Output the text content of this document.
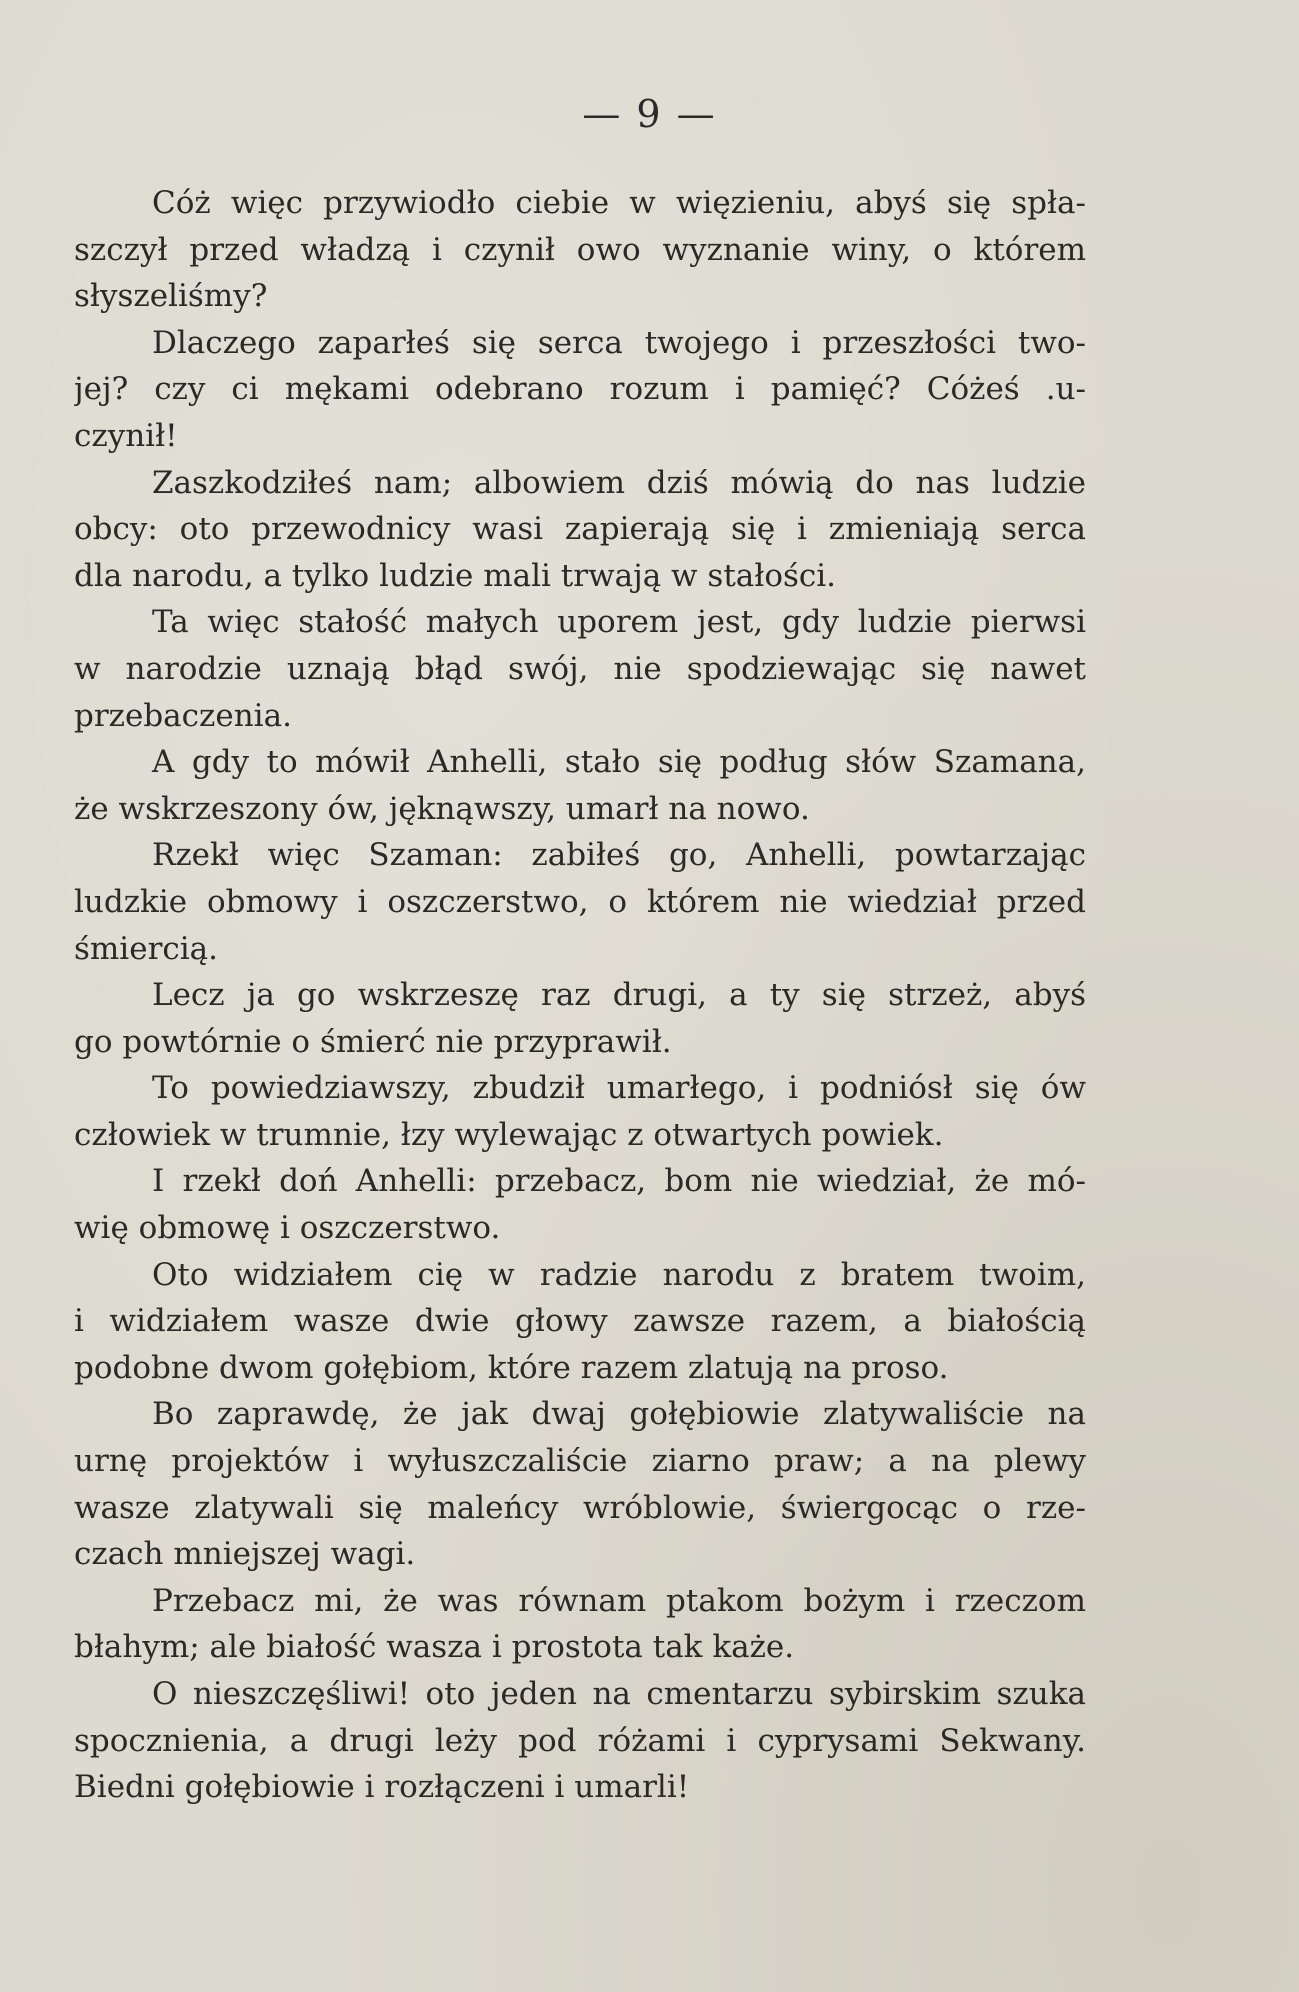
— 9 —
Cóż więc przywiodło ciebie w więzieniu, abyś się spła-
szczył przed władzą i czynił owo wyznanie winy, o którem
słyszeliśmy?
Dlaczego zaparłeś się serca twojego i przeszłości two-
jej? czy ci mękami odebrano rozum i pamięć? Cóżeś .u-
czynił!
Zaszkodziłeś nam; albowiem dziś mówią do nas ludzie
obcy: oto przewodnicy wasi zapierają się i zmieniają serca
dla narodu, a tylko ludzie mali trwają w stałości.
Ta więc stałość małych uporem jest, gdy ludzie pierwsi
w narodzie uznają błąd swój, nie spodziewając się nawet
przebaczenia.
A gdy to mówił Anhelli, stało się podług słów Szamana,
że wskrzeszony ów, jęknąwszy, umarł na nowo.
Rzekł więc Szaman: zabiłeś go, Anhelli, powtarzając
ludzkie obmowy i oszczerstwo, o którem nie wiedział przed
śmiercią.
Lecz ja go wskrzeszę raz drugi, a ty się strzeż, abyś
go powtórnie o śmierć nie przyprawił.
To powiedziawszy, zbudził umarłego, i podniósł się ów
człowiek w trumnie, łzy wylewając z otwartych powiek.
I rzekł doń Anhelli: przebacz, bom nie wiedział, że mó-
wię obmowę i oszczerstwo.
Oto widziałem cię w radzie narodu z bratem twoim,
i widziałem wasze dwie głowy zawsze razem, a białością
podobne dwom gołębiom, które razem zlatują na proso.
Bo zaprawdę, że jak dwaj gołębiowie zlatywaliście na
urnę projektów i wyłuszczaliście ziarno praw; a na plewy
wasze zlatywali się maleńcy wróblowie, świergocąc o rze-
czach mniejszej wagi.
Przebacz mi, że was równam ptakom bożym i rzeczom
błahym; ale białość wasza i prostota tak każe.
O nieszczęśliwi! oto jeden na cmentarzu sybirskim szuka
spocznienia, a drugi leży pod różami i cyprysami Sekwany.
Biedni gołębiowie i rozłączeni i umarli!
